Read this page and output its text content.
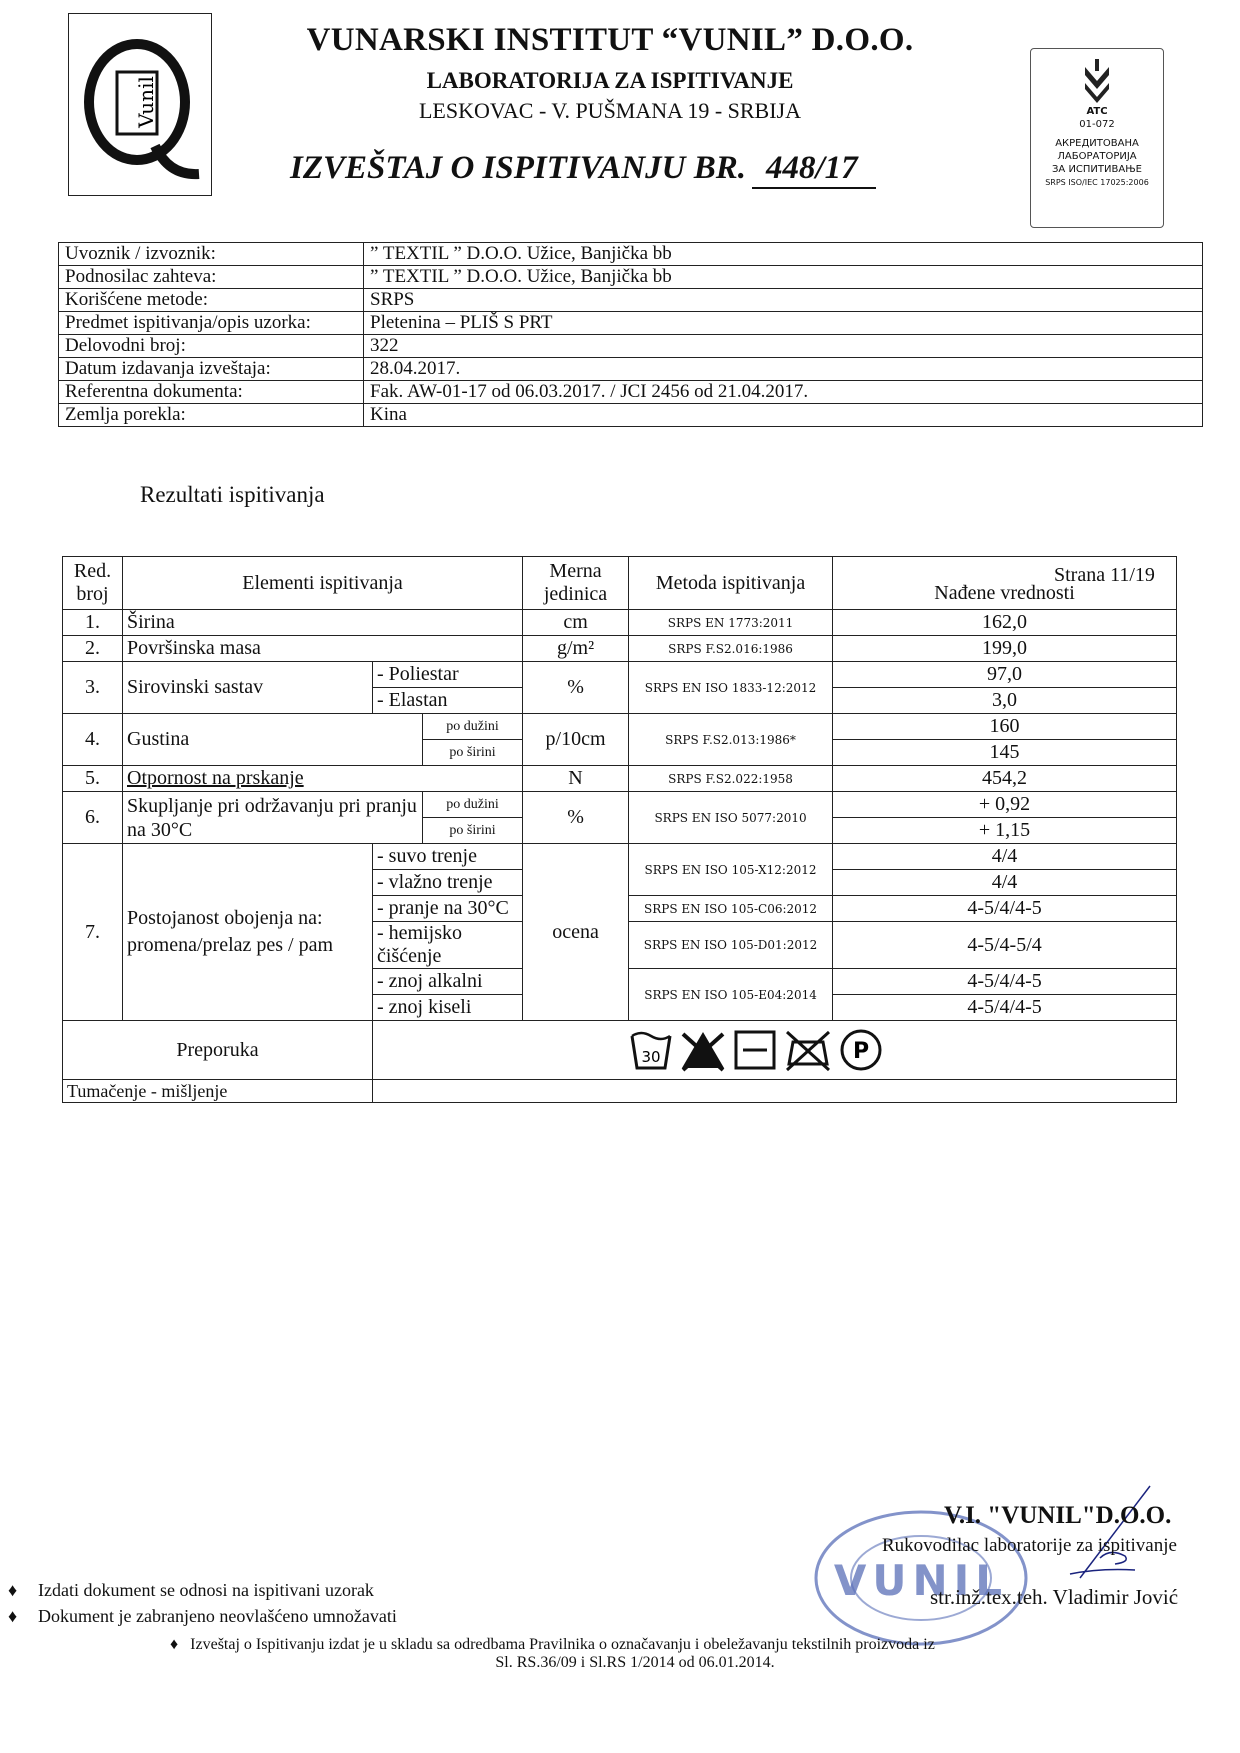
Vunil
VUNARSKI INSTITUT “VUNIL” D.O.O.
LABORATORIJA ZA ISPITIVANJE
LESKOVAC - V. PUŠMANA 19 - SRBIJA
IZVEŠTAJ O ISPITIVANJU BR. 448/17
ATC
01-072
АКРЕДИТОВАНА
ЛАБОРАТОРИЈА
ЗА ИСПИТИВАЊЕ
SRPS ISO/IEC 17025:2006
Uvoznik / izvoznik:	” TEXTIL ” D.O.O. Užice, Banjička bb
Podnosilac zahteva:	” TEXTIL ” D.O.O. Užice, Banjička bb
Korišćene metode:	SRPS
Predmet ispitivanja/opis uzorka:	Pletenina – PLIŠ S PRT
Delovodni broj:	322
Datum izdavanja izveštaja:	28.04.2017.
Referentna dokumenta:	Fak. AW-01-17 od 06.03.2017. / JCI 2456 od 21.04.2017.
Zemlja porekla:	Kina
Rezultati ispitivanja
Strana 11/19
Red. broj	Elementi ispitivanja			Merna jedinica	Metoda ispitivanja	Nađene vrednosti
1.	Širina			cm	SRPS EN 1773:2011	162,0
2.	Površinska masa			g/m²	SRPS F.S2.016:1986	199,0
3.	Sirovinski sastav	- Poliestar		%	SRPS EN ISO 1833-12:2012	97,0
		- Elastan				3,0
4.	Gustina		po dužini	p/10cm	SRPS F.S2.013:1986*	160
			po širini			145
5.	Otpornost na prskanje			N	SRPS F.S2.022:1958	454,2
6.	Skupljanje pri održavanju pri pranju na 30°C		po dužini	%	SRPS EN ISO 5077:2010	+ 0,92
			po širini			+ 1,15
7.	Postojanost obojenja na: promena/prelaz pes / pam	- suvo trenje		ocena	SRPS EN ISO 105-X12:2012	4/4
		- vlažno trenje				4/4
		- pranje na 30°C			SRPS EN ISO 105-C06:2012	4-5/4/4-5
		- hemijsko čišćenje			SRPS EN ISO 105-D01:2012	4-5/4-5/4
		- znoj alkalni			SRPS EN ISO 105-E04:2014	4-5/4/4-5
		- znoj kiseli				4-5/4/4-5
Preporuka		30 P				

Tumačenje - mišljenje						
VUNIL
V.I. "VUNIL"D.O.O.
Rukovodilac laboratorije za ispitivanje
str.inž.tex.teh. Vladimir Jović
♦ Izdati dokument se odnosi na ispitivani uzorak
♦ Dokument je zabranjeno neovlašćeno umnožavati
♦   Izveštaj o Ispitivanju izdat je u skladu sa odredbama Pravilnika o označavanju i obeležavanju tekstilnih proizvoda iz
Sl. RS.36/09 i Sl.RS 1/2014 od 06.01.2014.
